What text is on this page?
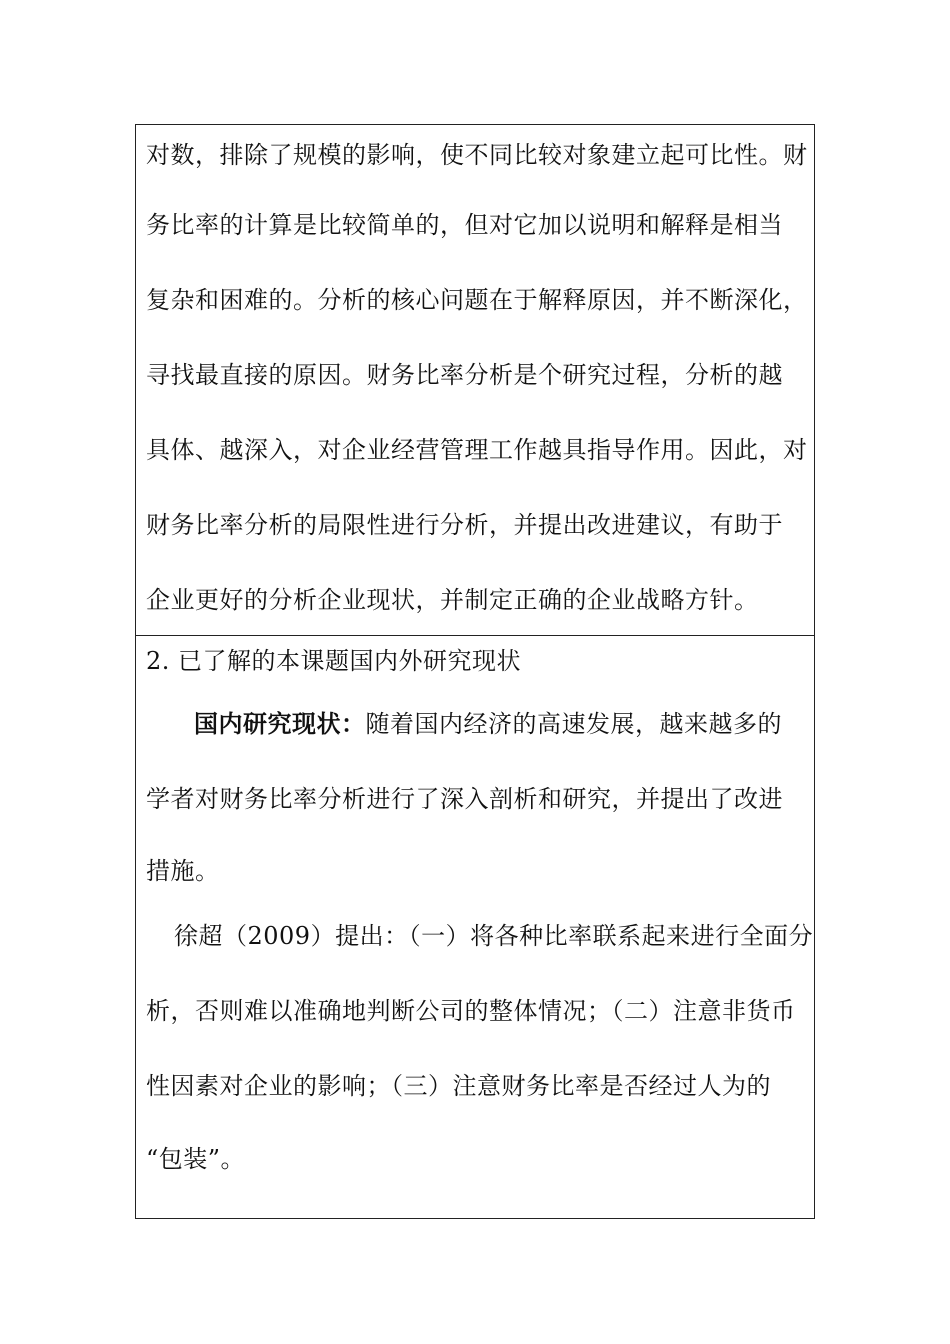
对数，排除了规模的影响，使不同比较对象建立起可比性。财
务比率的计算是比较简单的，但对它加以说明和解释是相当
复杂和困难的。分析的核心问题在于解释原因，并不断深化，
寻找最直接的原因。财务比率分析是个研究过程，分析的越
具体、越深入，对企业经营管理工作越具指导作用。因此，对
财务比率分析的局限性进行分析，并提出改进建议，有助于
企业更好的分析企业现状，并制定正确的企业战略方针。
2. 已了解的本课题国内外研究现状
国内研究现状：随着国内经济的高速发展，越来越多的
学者对财务比率分析进行了深入剖析和研究，并提出了改进
措施。
徐超（2009）提出：（一）将各种比率联系起来进行全面分
析，否则难以准确地判断公司的整体情况；（二）注意非货币
性因素对企业的影响；（三）注意财务比率是否经过人为的
“包装”。
